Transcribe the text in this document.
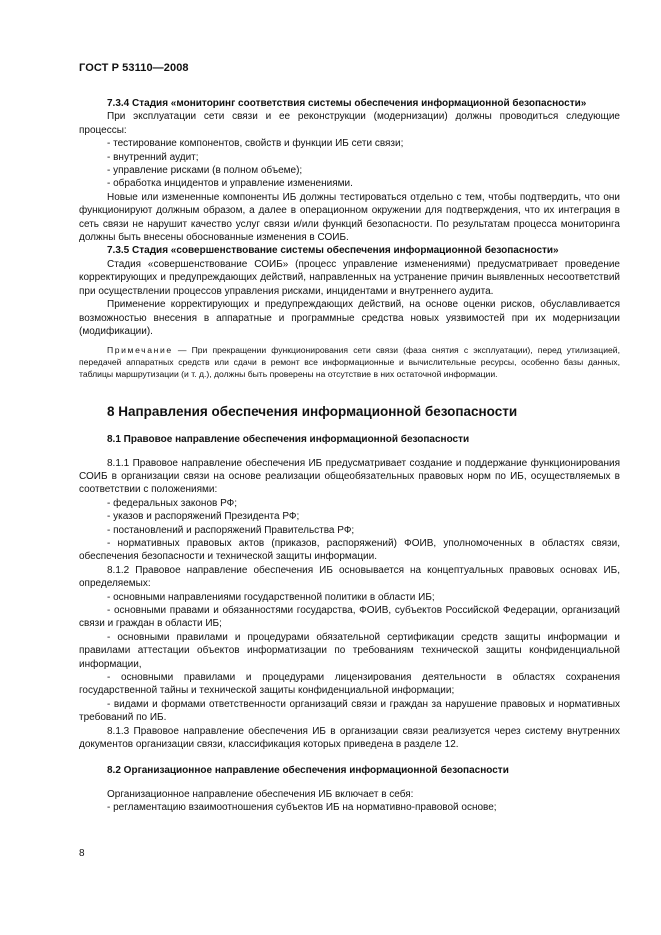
ГОСТ Р 53110—2008

7.3.4 Стадия «мониторинг соответствия системы обеспечения информационной безопасности»

При эксплуатации сети связи и ее реконструкции (модернизации) должны проводиться следующие процессы:

- тестирование компонентов, свойств и функции ИБ сети связи;

- внутренний аудит;

- управление рисками (в полном объеме);

- обработка инцидентов и управление изменениями.

Новые или измененные компоненты ИБ должны тестироваться отдельно с тем, чтобы подтвердить, что они функционируют должным образом, а далее в операционном окружении для подтверждения, что их интеграция в сеть связи не нарушит качество услуг связи и/или функций безопасности. По результатам процесса мониторинга должны быть внесены обоснованные изменения в СОИБ.

7.3.5 Стадия «совершенствование системы обеспечения информационной безопасности»

Стадия «совершенствование СОИБ» (процесс управление изменениями) предусматривает проведение корректирующих и предупреждающих действий, направленных на устранение причин выявленных несоответствий при осуществлении процессов управления рисками, инцидентами и внутреннего аудита.

Применение корректирующих и предупреждающих действий, на основе оценки рисков, обуславливается возможностью внесения в аппаратные и программные средства новых уязвимостей при их модернизации (модификации).

Примечание — При прекращении функционирования сети связи (фаза снятия с эксплуатации), перед утилизацией, передачей аппаратных средств или сдачи в ремонт все информационные и вычислительные ресурсы, особенно базы данных, таблицы маршрутизации (и т. д.), должны быть проверены на отсутствие в них остаточной информации.

8 Направления обеспечения информационной безопасности

8.1 Правовое направление обеспечения информационной безопасности

8.1.1 Правовое направление обеспечения ИБ предусматривает создание и поддержание функционирования СОИБ в организации связи на основе реализации общеобязательных правовых норм по ИБ, осуществляемых в соответствии с положениями:

- федеральных законов РФ;

- указов и распоряжений Президента РФ;

- постановлений и распоряжений Правительства РФ;

- нормативных правовых актов (приказов, распоряжений) ФОИВ, уполномоченных в областях связи, обеспечения безопасности и технической защиты информации.

8.1.2 Правовое направление обеспечения ИБ основывается на концептуальных правовых основах ИБ, определяемых:

- основными направлениями государственной политики в области ИБ;

- основными правами и обязанностями государства, ФОИВ, субъектов Российской Федерации, организаций связи и граждан в области ИБ;

- основными правилами и процедурами обязательной сертификации средств защиты информации и правилами аттестации объектов информатизации по требованиям технической защиты конфиденциальной информации,

- основными правилами и процедурами лицензирования деятельности в областях сохранения государственной тайны и технической защиты конфиденциальной информации;

- видами и формами ответственности организаций связи и граждан за нарушение правовых и нормативных требований по ИБ.

8.1.3 Правовое направление обеспечения ИБ в организации связи реализуется через систему внутренних документов организации связи, классификация которых приведена в разделе 12.

8.2 Организационное направление обеспечения информационной безопасности

Организационное направление обеспечения ИБ включает в себя:

- регламентацию взаимоотношения субъектов ИБ на нормативно-правовой основе;

8
